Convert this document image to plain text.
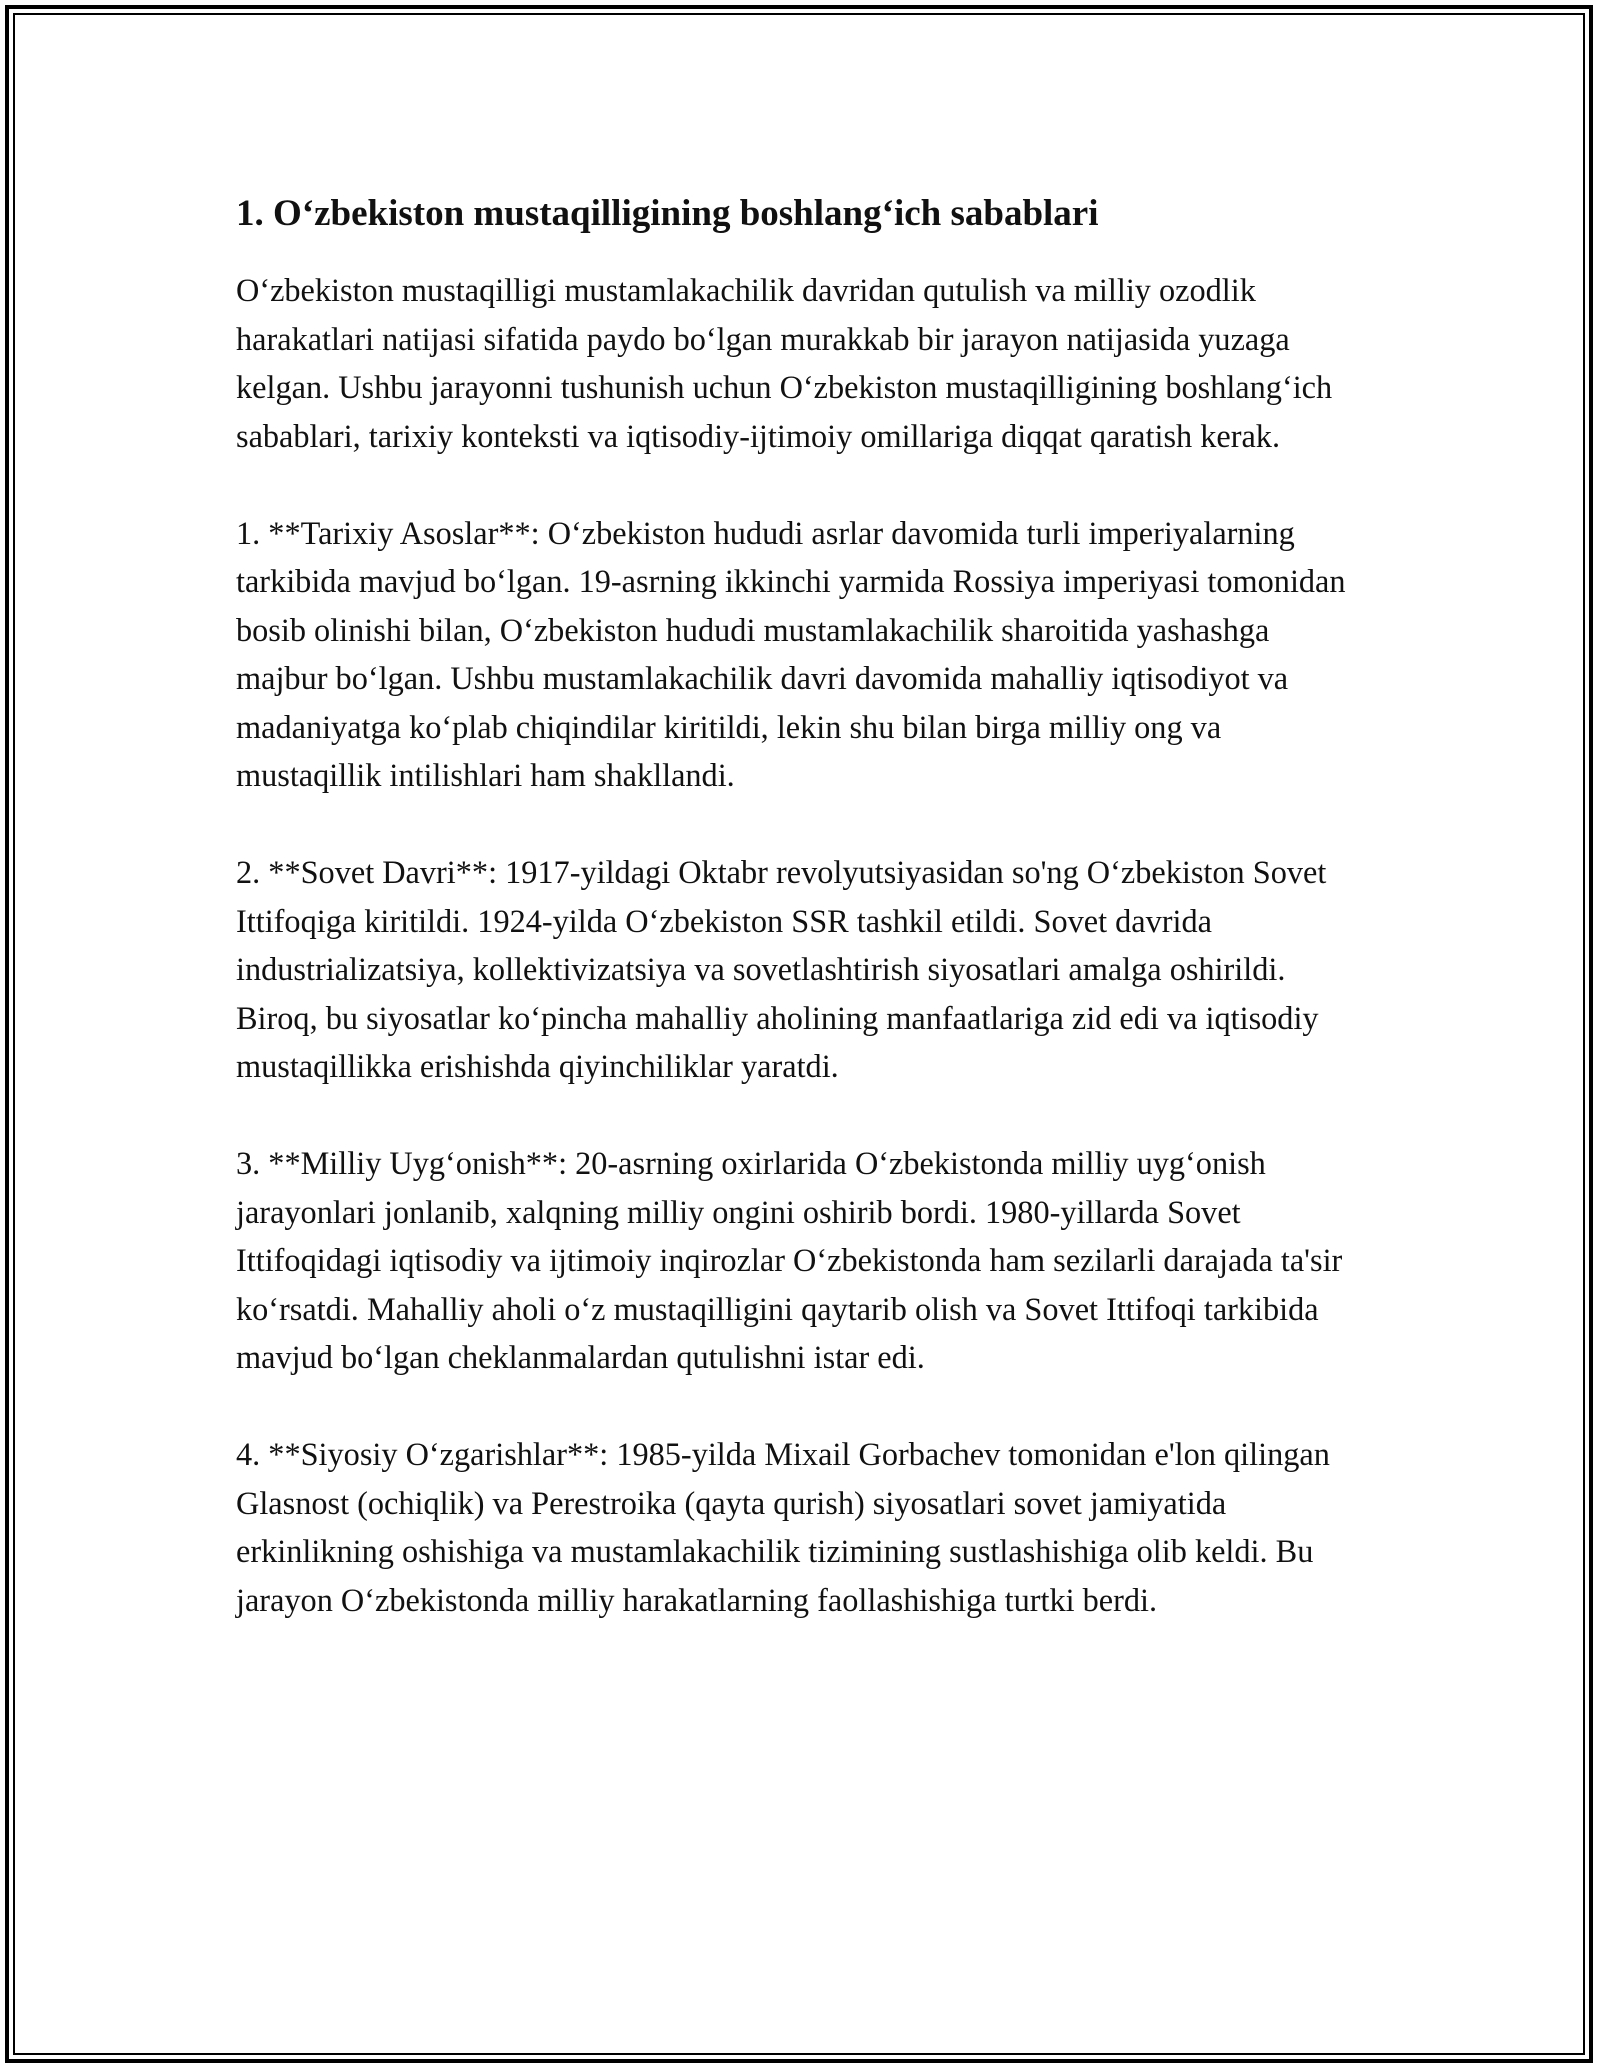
1. O‘zbekiston mustaqilligining boshlang‘ich sabablari

O‘zbekiston mustaqilligi mustamlakachilik davridan qutulish va milliy ozodlik harakatlari natijasi sifatida paydo bo‘lgan murakkab bir jarayon natijasida yuzaga kelgan. Ushbu jarayonni tushunish uchun O‘zbekiston mustaqilligining boshlang‘ich sabablari, tarixiy konteksti va iqtisodiy-ijtimoiy omillariga diqqat qaratish kerak.

1. **Tarixiy Asoslar**: O‘zbekiston hududi asrlar davomida turli imperiyalarning tarkibida mavjud bo‘lgan. 19-asrning ikkinchi yarmida Rossiya imperiyasi tomonidan bosib olinishi bilan, O‘zbekiston hududi mustamlakachilik sharoitida yashashga majbur bo‘lgan. Ushbu mustamlakachilik davri davomida mahalliy iqtisodiyot va madaniyatga ko‘plab chiqindilar kiritildi, lekin shu bilan birga milliy ong va mustaqillik intilishlari ham shakllandi.

2. **Sovet Davri**: 1917-yildagi Oktabr revolyutsiyasidan so'ng O‘zbekiston Sovet Ittifoqiga kiritildi. 1924-yilda O‘zbekiston SSR tashkil etildi. Sovet davrida industrializatsiya, kollektivizatsiya va sovetlashtirish siyosatlari amalga oshirildi. Biroq, bu siyosatlar ko‘pincha mahalliy aholining manfaatlariga zid edi va iqtisodiy mustaqillikka erishishda qiyinchiliklar yaratdi.

3. **Milliy Uyg‘onish**: 20-asrning oxirlarida O‘zbekistonda milliy uyg‘onish jarayonlari jonlanib, xalqning milliy ongini oshirib bordi. 1980-yillarda Sovet Ittifoqidagi iqtisodiy va ijtimoiy inqirozlar O‘zbekistonda ham sezilarli darajada ta'sir ko‘rsatdi. Mahalliy aholi o‘z mustaqilligini qaytarib olish va Sovet Ittifoqi tarkibida mavjud bo‘lgan cheklanmalardan qutulishni istar edi.

4. **Siyosiy O‘zgarishlar**: 1985-yilda Mixail Gorbachev tomonidan e'lon qilingan Glasnost (ochiqlik) va Perestroika (qayta qurish) siyosatlari sovet jamiyatida erkinlikning oshishiga va mustamlakachilik tizimining sustlashishiga olib keldi. Bu jarayon O‘zbekistonda milliy harakatlarning faollashishiga turtki berdi.
